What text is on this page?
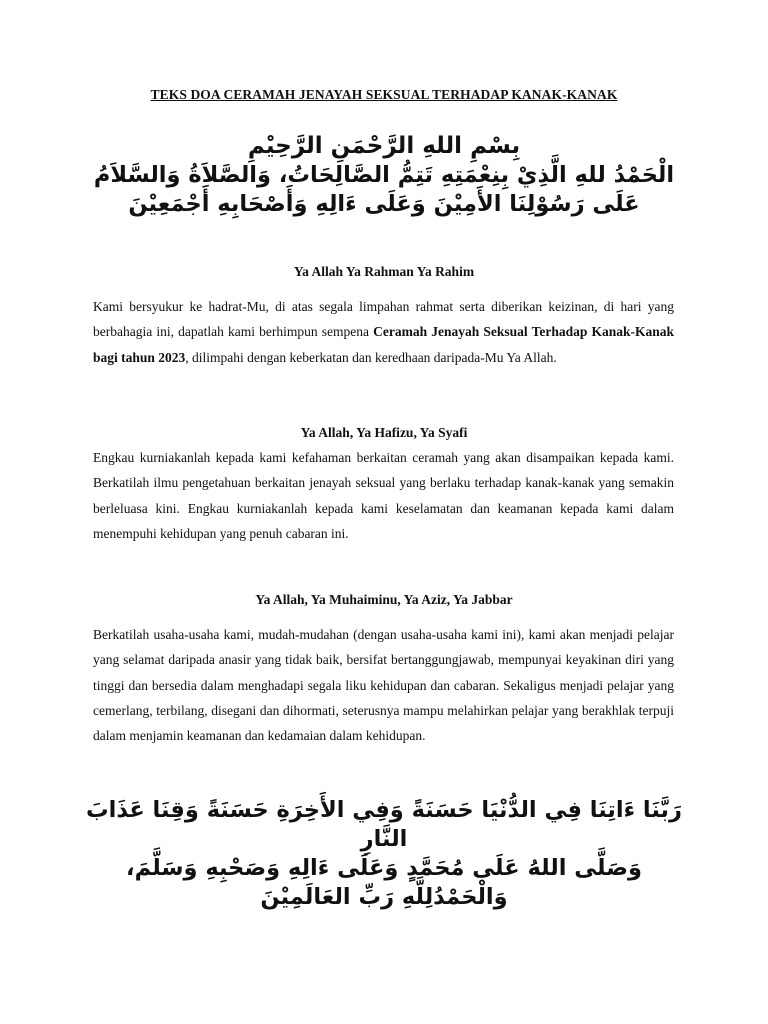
TEKS DOA CERAMAH JENAYAH SEKSUAL TERHADAP KANAK-KANAK
بِسْمِ اللهِ الرَّحْمَنِ الرَّحِيْمِ
الْحَمْدُ للهِ الَّذِيْ بِنِعْمَتِهِ تَتِمُّ الصَّالِحَاتُ، وَالصَّلاَةُ وَالسَّلاَمُ عَلَى رَسُوْلِنَا الأَمِيْنَ وَعَلَى ءَالِهِ وَأَصْحَابِهِ أَجْمَعِيْنَ
Ya Allah Ya Rahman Ya Rahim
Kami bersyukur ke hadrat-Mu, di atas segala limpahan rahmat serta diberikan keizinan, di hari yang berbahagia ini, dapatlah kami berhimpun sempena Ceramah Jenayah Seksual Terhadap Kanak-Kanak bagi tahun 2023, dilimpahi dengan keberkatan dan keredhaan daripada-Mu Ya Allah.
Ya Allah, Ya Hafizu, Ya Syafi
Engkau kurniakanlah kepada kami kefahaman berkaitan ceramah yang akan disampaikan kepada kami. Berkatilah ilmu pengetahuan berkaitan jenayah seksual yang berlaku terhadap kanak-kanak yang semakin berleluasa kini. Engkau kurniakanlah kepada kami keselamatan dan keamanan kepada kami dalam menempuhi kehidupan yang penuh cabaran ini.
Ya Allah, Ya Muhaiminu, Ya Aziz, Ya Jabbar
Berkatilah usaha-usaha kami, mudah-mudahan (dengan usaha-usaha kami ini), kami akan menjadi pelajar yang selamat daripada anasir yang tidak baik, bersifat bertanggungjawab, mempunyai keyakinan diri yang tinggi dan bersedia dalam menghadapi segala liku kehidupan dan cabaran. Sekaligus menjadi pelajar yang cemerlang, terbilang, disegani dan dihormati, seterusnya mampu melahirkan pelajar yang berakhlak terpuji dalam menjamin keamanan dan kedamaian dalam kehidupan.
رَبَّنَا ءَاتِنَا فِي الدُّنْيَا حَسَنَةً وَفِي الأَخِرَةِ حَسَنَةً وَقِنَا عَذَابَ النَّارِ
وَصَلَّى اللهُ عَلَى مُحَمَّدٍ وَعَلَى ءَالِهِ وَصَحْبِهِ وَسَلَّمَ، وَالْحَمْدُلِلَّهِ رَبِّ العَالَمِيْنَ
